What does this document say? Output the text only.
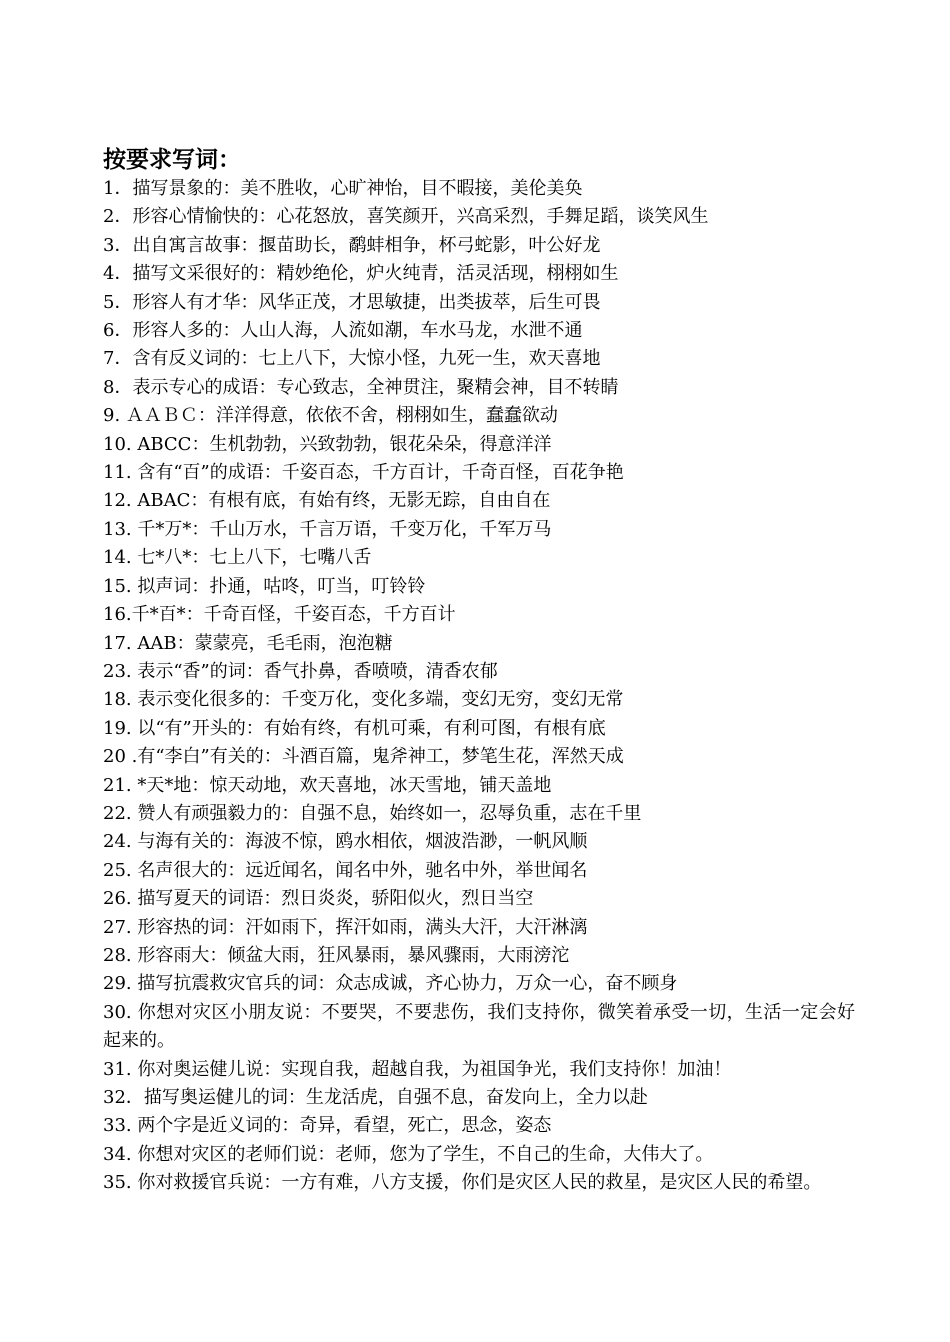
按要求写词：
1．描写景象的：美不胜收，心旷神怡，目不暇接，美伦美奂
2．形容心情愉快的：心花怒放，喜笑颜开，兴高采烈，手舞足蹈，谈笑风生
3．出自寓言故事：揠苗助长，鹬蚌相争，杯弓蛇影，叶公好龙
4．描写文采很好的：精妙绝伦，炉火纯青，活灵活现，栩栩如生
5．形容人有才华：风华正茂，才思敏捷，出类拔萃，后生可畏
6．形容人多的：人山人海，人流如潮，车水马龙，水泄不通
7．含有反义词的：七上八下，大惊小怪，九死一生，欢天喜地
8．表示专心的成语：专心致志，全神贯注，聚精会神，目不转睛
9. ＡＡＢＣ：洋洋得意，依依不舍，栩栩如生，蠢蠢欲动
10. ABCC：生机勃勃，兴致勃勃，银花朵朵，得意洋洋
11. 含有“百”的成语：千姿百态，千方百计，千奇百怪，百花争艳
12. ABAC：有根有底，有始有终，无影无踪，自由自在
13. 千*万*：千山万水，千言万语，千变万化，千军万马
14. 七*八*：七上八下，七嘴八舌
15. 拟声词：扑通，咕咚，叮当，叮铃铃
16.千*百*：千奇百怪，千姿百态，千方百计
17. AAB：蒙蒙亮，毛毛雨，泡泡糖
23. 表示“香”的词：香气扑鼻，香喷喷，清香农郁
18. 表示变化很多的：千变万化，变化多端，变幻无穷，变幻无常
19. 以“有”开头的：有始有终，有机可乘，有利可图，有根有底
20 .有“李白”有关的：斗酒百篇，鬼斧神工，梦笔生花，浑然天成
21. *天*地：惊天动地，欢天喜地，冰天雪地，铺天盖地
22. 赞人有顽强毅力的：自强不息，始终如一，忍辱负重，志在千里
24. 与海有关的：海波不惊，鸥水相依，烟波浩渺，一帆风顺
25. 名声很大的：远近闻名，闻名中外，驰名中外，举世闻名
26. 描写夏天的词语：烈日炎炎，骄阳似火，烈日当空
27. 形容热的词：汗如雨下，挥汗如雨，满头大汗，大汗淋漓
28. 形容雨大：倾盆大雨，狂风暴雨，暴风骤雨，大雨滂沱
29. 描写抗震救灾官兵的词：众志成诚，齐心协力，万众一心，奋不顾身
30. 你想对灾区小朋友说：不要哭，不要悲伤，我们支持你，微笑着承受一切，生活一定会好起来的。
31. 你对奥运健儿说：实现自我，超越自我，为祖国争光，我们支持你！加油！
32．描写奥运健儿的词：生龙活虎，自强不息，奋发向上，全力以赴
33. 两个字是近义词的：奇异，看望，死亡，思念，姿态
34. 你想对灾区的老师们说：老师，您为了学生，不自己的生命，大伟大了。
35. 你对救援官兵说：一方有难，八方支援，你们是灾区人民的救星，是灾区人民的希望。
